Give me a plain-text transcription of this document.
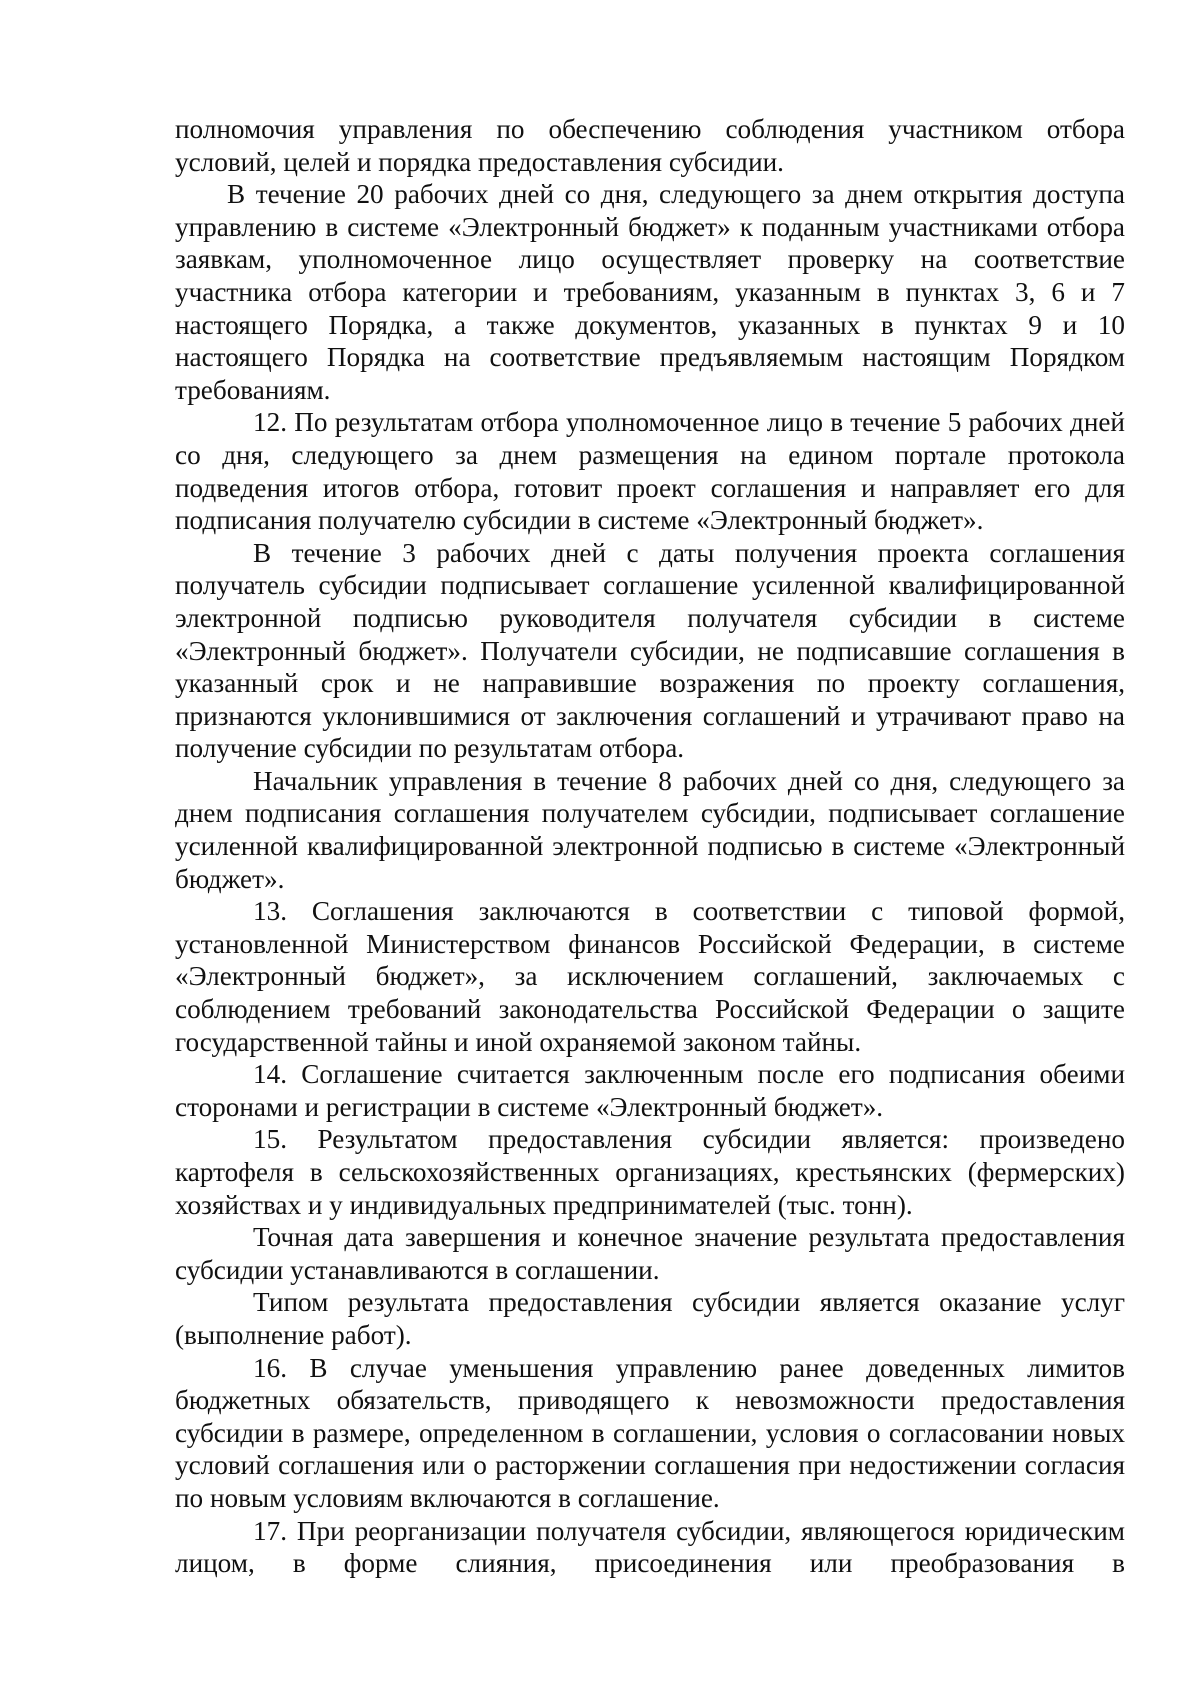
полномочия управления по обеспечению соблюдения участником отбора условий, целей и порядка предоставления субсидии.

В течение 20 рабочих дней со дня, следующего за днем открытия доступа управлению в системе «Электронный бюджет» к поданным участниками отбора заявкам, уполномоченное лицо осуществляет проверку на соответствие участника отбора категории и требованиям, указанным в пунктах 3, 6 и 7 настоящего Порядка, а также документов, указанных в пунктах 9 и 10 настоящего Порядка на соответствие предъявляемым настоящим Порядком требованиям.

12. По результатам отбора уполномоченное лицо в течение 5 рабочих дней со дня, следующего за днем размещения на едином портале протокола подведения итогов отбора, готовит проект соглашения и направляет его для подписания получателю субсидии в системе «Электронный бюджет».

В течение 3 рабочих дней с даты получения проекта соглашения получатель субсидии подписывает соглашение усиленной квалифицированной электронной подписью руководителя получателя субсидии в системе «Электронный бюджет». Получатели субсидии, не подписавшие соглашения в указанный срок и не направившие возражения по проекту соглашения, признаются уклонившимися от заключения соглашений и утрачивают право на получение субсидии по результатам отбора.

Начальник управления в течение 8 рабочих дней со дня, следующего за днем подписания соглашения получателем субсидии, подписывает соглашение усиленной квалифицированной электронной подписью в системе «Электронный бюджет».

13. Соглашения заключаются в соответствии с типовой формой, установленной Министерством финансов Российской Федерации, в системе «Электронный бюджет», за исключением соглашений, заключаемых с соблюдением требований законодательства Российской Федерации о защите государственной тайны и иной охраняемой законом тайны.

14. Соглашение считается заключенным после его подписания обеими сторонами и регистрации в системе «Электронный бюджет».

15. Результатом предоставления субсидии является: произведено картофеля в сельскохозяйственных организациях, крестьянских (фермерских) хозяйствах и у индивидуальных предпринимателей (тыс. тонн).

Точная дата завершения и конечное значение результата предоставления субсидии устанавливаются в соглашении.

Типом результата предоставления субсидии является оказание услуг (выполнение работ).

16. В случае уменьшения управлению ранее доведенных лимитов бюджетных обязательств, приводящего к невозможности предоставления субсидии в размере, определенном в соглашении, условия о согласовании новых условий соглашения или о расторжении соглашения при недостижении согласия по новым условиям включаются в соглашение.

17. При реорганизации получателя субсидии, являющегося юридическим лицом, в форме слияния, присоединения или преобразования в
